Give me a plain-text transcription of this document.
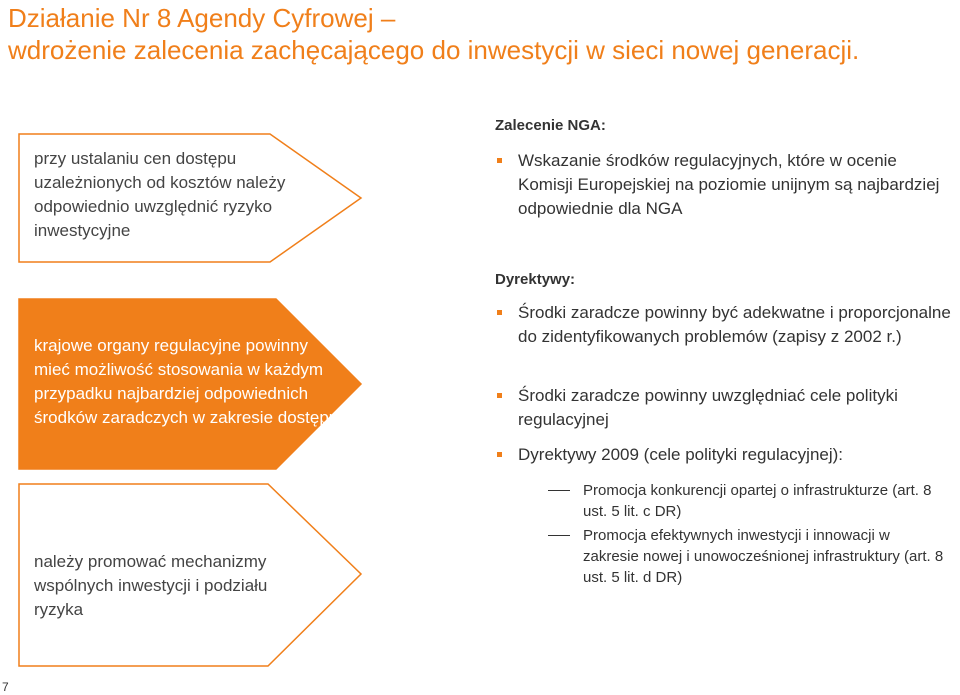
Działanie Nr 8 Agendy Cyfrowej –
wdrożenie zalecenia zachęcającego do inwestycji w sieci nowej generacji.
przy ustalaniu cen dostępu uzależnionych od kosztów należy odpowiednio uwzględnić ryzyko inwestycyjne
krajowe organy regulacyjne powinny mieć możliwość stosowania w każdym przypadku najbardziej odpowiednich środków zaradczych w zakresie dostępu
należy promować mechanizmy wspólnych inwestycji i podziału ryzyka
Zalecenie NGA:
Wskazanie środków regulacyjnych, które w ocenie Komisji Europejskiej na poziomie unijnym są najbardziej odpowiednie dla NGA
Dyrektywy:
Środki zaradcze powinny być adekwatne i proporcjonalne do zidentyfikowanych problemów (zapisy z 2002 r.)
Środki zaradcze powinny uwzględniać cele polityki regulacyjnej
Dyrektywy 2009 (cele polityki regulacyjnej):
Promocja konkurencji opartej o infrastrukturze (art. 8 ust. 5 lit. c DR)
Promocja efektywnych inwestycji i innowacji w zakresie nowej i unowocześnionej infrastruktury (art. 8 ust. 5 lit. d DR)
7
